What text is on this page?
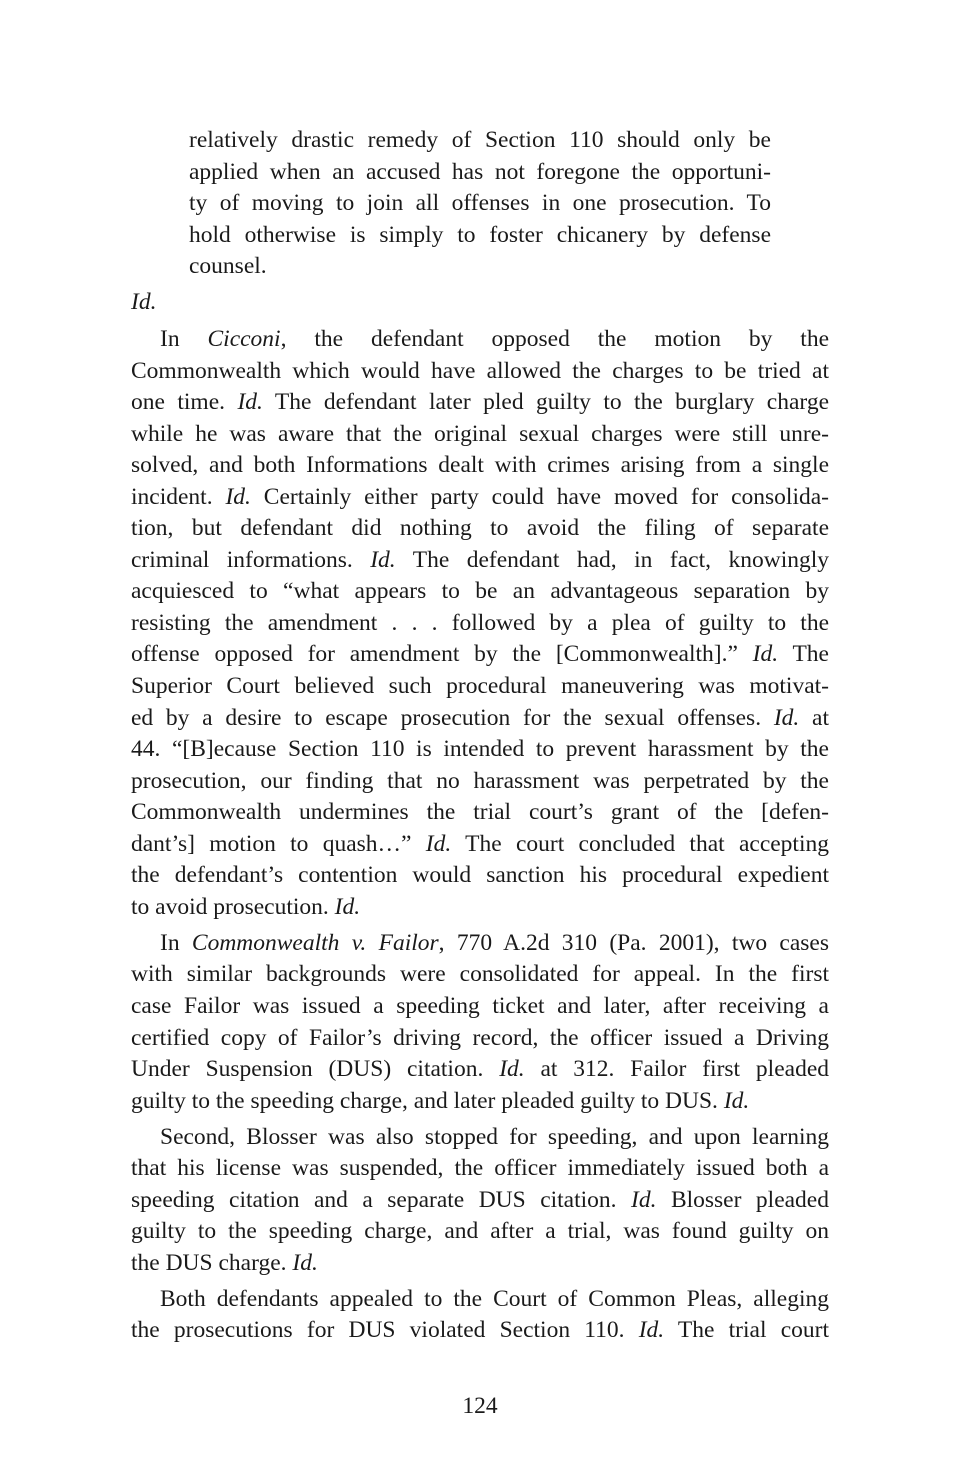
relatively drastic remedy of Section 110 should only be
applied when an accused has not foregone the opportuni-
ty of moving to join all offenses in one prosecution. To
hold otherwise is simply to foster chicanery by defense
counsel.
Id.
In Cicconi, the defendant opposed the motion by the
Commonwealth which would have allowed the charges to be tried at
one time. Id. The defendant later pled guilty to the burglary charge
while he was aware that the original sexual charges were still unre-
solved, and both Informations dealt with crimes arising from a single
incident. Id. Certainly either party could have moved for consolida-
tion, but defendant did nothing to avoid the filing of separate
criminal informations. Id. The defendant had, in fact, knowingly
acquiesced to “what appears to be an advantageous separation by
resisting the amendment . . . followed by a plea of guilty to the
offense opposed for amendment by the [Commonwealth].” Id. The
Superior Court believed such procedural maneuvering was motivat-
ed by a desire to escape prosecution for the sexual offenses. Id. at
44. “[B]ecause Section 110 is intended to prevent harassment by the
prosecution, our finding that no harassment was perpetrated by the
Commonwealth undermines the trial court’s grant of the [defen-
dant’s] motion to quash…” Id. The court concluded that accepting
the defendant’s contention would sanction his procedural expedient
to avoid prosecution. Id.
In Commonwealth v. Failor, 770 A.2d 310 (Pa. 2001), two cases
with similar backgrounds were consolidated for appeal. In the first
case Failor was issued a speeding ticket and later, after receiving a
certified copy of Failor’s driving record, the officer issued a Driving
Under Suspension (DUS) citation. Id. at 312. Failor first pleaded
guilty to the speeding charge, and later pleaded guilty to DUS. Id.
Second, Blosser was also stopped for speeding, and upon learning
that his license was suspended, the officer immediately issued both a
speeding citation and a separate DUS citation. Id. Blosser pleaded
guilty to the speeding charge, and after a trial, was found guilty on
the DUS charge. Id.
Both defendants appealed to the Court of Common Pleas, alleging
the prosecutions for DUS violated Section 110. Id. The trial court
124
